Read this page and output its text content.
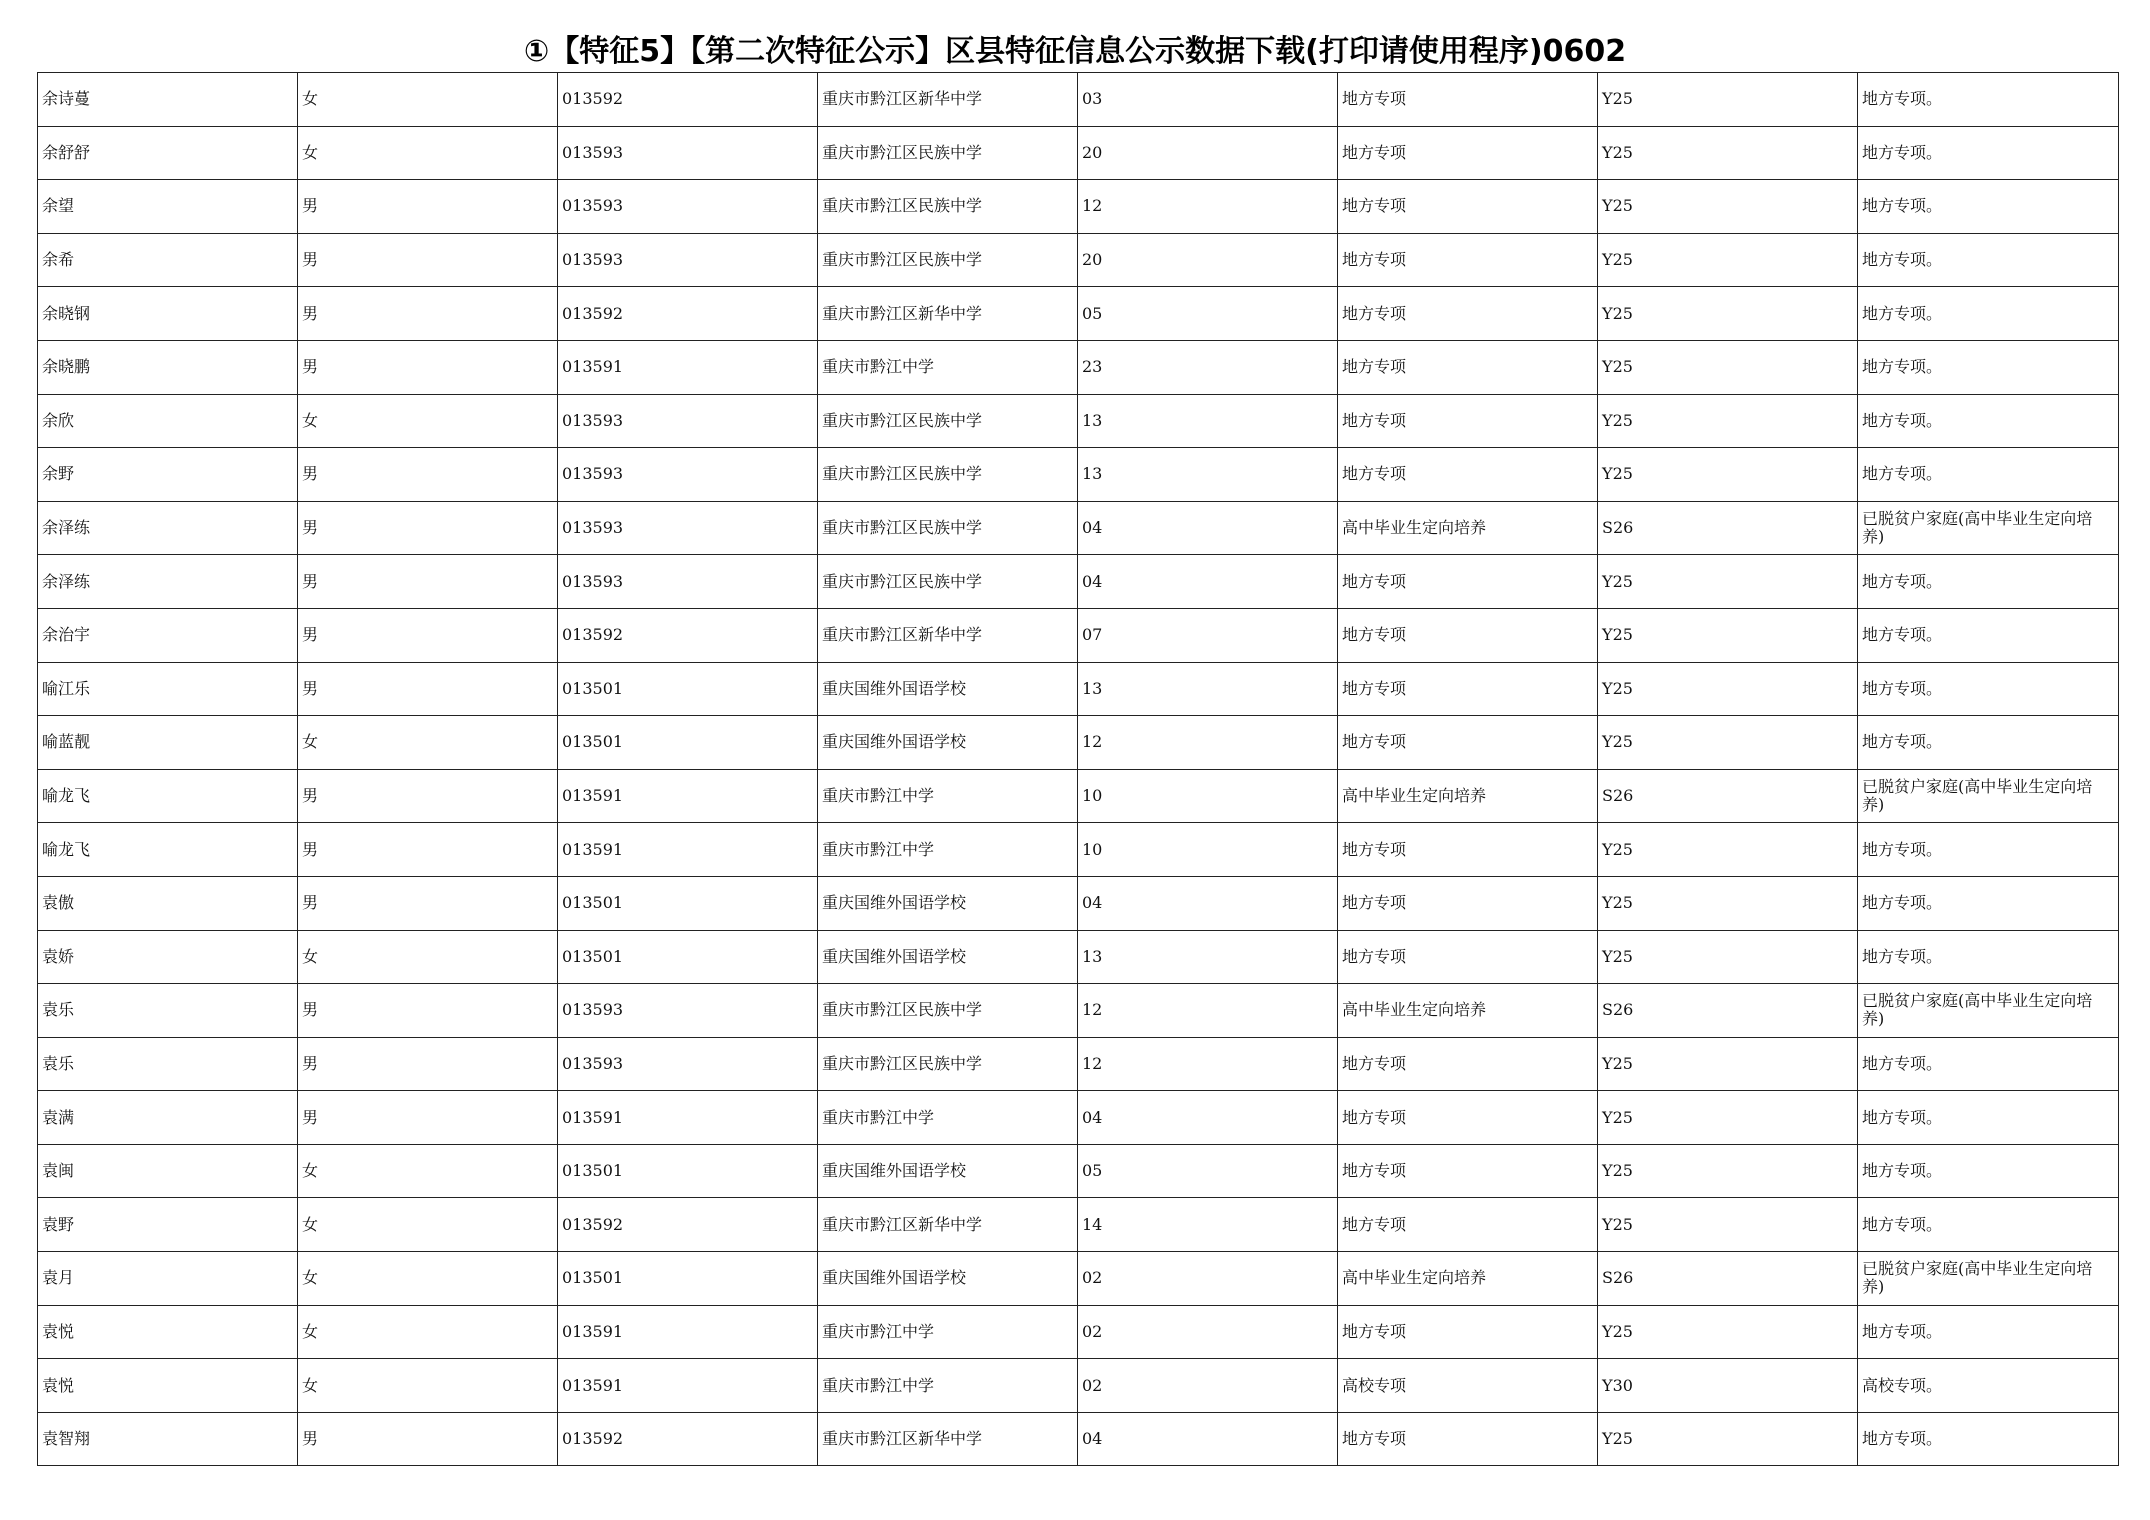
①【特征5】【第二次特征公示】区县特征信息公示数据下载(打印请使用程序)0602
余诗蔓	女	013592	重庆市黔江区新华中学	03	地方专项	Y25	地方专项。
余舒舒	女	013593	重庆市黔江区民族中学	20	地方专项	Y25	地方专项。
余望	男	013593	重庆市黔江区民族中学	12	地方专项	Y25	地方专项。
余希	男	013593	重庆市黔江区民族中学	20	地方专项	Y25	地方专项。
余晓钢	男	013592	重庆市黔江区新华中学	05	地方专项	Y25	地方专项。
余晓鹏	男	013591	重庆市黔江中学	23	地方专项	Y25	地方专项。
余欣	女	013593	重庆市黔江区民族中学	13	地方专项	Y25	地方专项。
余野	男	013593	重庆市黔江区民族中学	13	地方专项	Y25	地方专项。
余泽练	男	013593	重庆市黔江区民族中学	04	高中毕业生定向培养	S26	已脱贫户家庭(高中毕业生定向培养)
余泽练	男	013593	重庆市黔江区民族中学	04	地方专项	Y25	地方专项。
余治宇	男	013592	重庆市黔江区新华中学	07	地方专项	Y25	地方专项。
喻江乐	男	013501	重庆国维外国语学校	13	地方专项	Y25	地方专项。
喻蓝靓	女	013501	重庆国维外国语学校	12	地方专项	Y25	地方专项。
喻龙飞	男	013591	重庆市黔江中学	10	高中毕业生定向培养	S26	已脱贫户家庭(高中毕业生定向培养)
喻龙飞	男	013591	重庆市黔江中学	10	地方专项	Y25	地方专项。
袁傲	男	013501	重庆国维外国语学校	04	地方专项	Y25	地方专项。
袁娇	女	013501	重庆国维外国语学校	13	地方专项	Y25	地方专项。
袁乐	男	013593	重庆市黔江区民族中学	12	高中毕业生定向培养	S26	已脱贫户家庭(高中毕业生定向培养)
袁乐	男	013593	重庆市黔江区民族中学	12	地方专项	Y25	地方专项。
袁满	男	013591	重庆市黔江中学	04	地方专项	Y25	地方专项。
袁闽	女	013501	重庆国维外国语学校	05	地方专项	Y25	地方专项。
袁野	女	013592	重庆市黔江区新华中学	14	地方专项	Y25	地方专项。
袁月	女	013501	重庆国维外国语学校	02	高中毕业生定向培养	S26	已脱贫户家庭(高中毕业生定向培养)
袁悦	女	013591	重庆市黔江中学	02	地方专项	Y25	地方专项。
袁悦	女	013591	重庆市黔江中学	02	高校专项	Y30	高校专项。
袁智翔	男	013592	重庆市黔江区新华中学	04	地方专项	Y25	地方专项。
